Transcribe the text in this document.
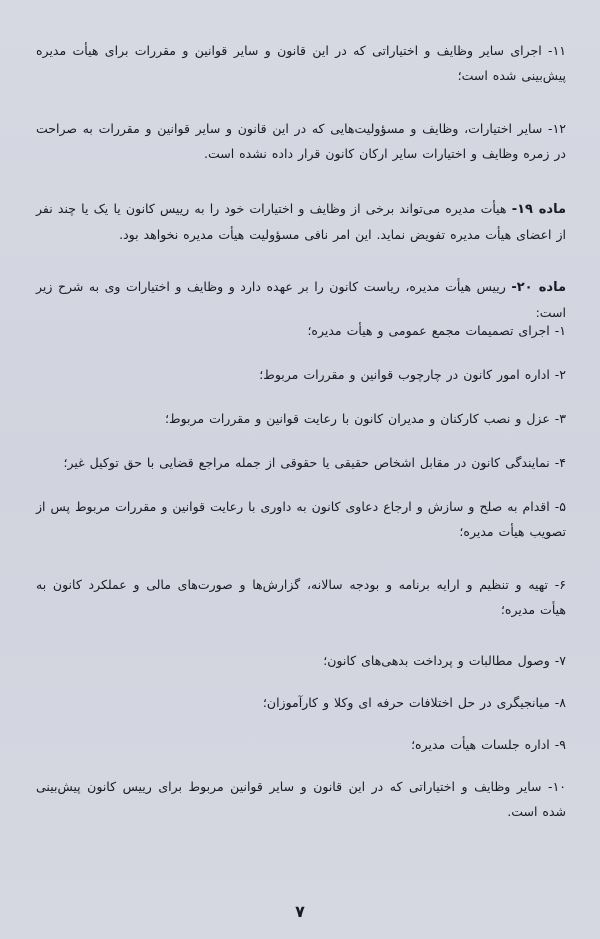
۱۱- اجرای سایر وظایف و اختیاراتی که در این قانون و سایر قوانین و مقررات برای هیأت مدیره پیش‌بینی شده است؛
۱۲- سایر اختیارات، وظایف و مسؤولیت‌هایی که در این قانون و سایر قوانین و مقررات به صراحت در زمره وظایف و اختیارات سایر ارکان کانون قرار داده نشده است.
ماده ۱۹- هیأت مدیره می‌تواند برخی از وظایف و اختیارات خود را به رییس کانون یا یک یا چند نفر از اعضای هیأت مدیره تفویض نماید. این امر نافی مسؤولیت هیأت مدیره نخواهد بود.
ماده ۲۰- رییس هیأت مدیره، ریاست کانون را بر عهده دارد و وظایف و اختیارات وی به شرح زیر است:
۱- اجرای تصمیمات مجمع عمومی و هیأت مدیره؛
۲- اداره امور کانون در چارچوب قوانین و مقررات مربوط؛
۳- عزل و نصب کارکنان و مدیران کانون با رعایت قوانین و مقررات مربوط؛
۴- نمایندگی کانون در مقابل اشخاص حقیقی یا حقوقی از جمله مراجع قضایی با حق توکیل غیر؛
۵- اقدام به صلح و سازش و ارجاع دعاوی کانون به داوری با رعایت قوانین و مقررات مربوط پس از تصویب هیأت مدیره؛
۶- تهیه و تنظیم و ارایه برنامه و بودجه سالانه، گزارش‌ها و صورت‌های مالی و عملکرد کانون به هیأت مدیره؛
۷- وصول مطالبات و پرداخت بدهی‌های کانون؛
۸- میانجیگری در حل اختلافات حرفه ای وکلا و کارآموزان؛
۹- اداره جلسات هیأت مدیره؛
۱۰- سایر وظایف و اختیاراتی که در این قانون و سایر قوانین مربوط برای رییس کانون پیش‌بینی شده است.
۷
